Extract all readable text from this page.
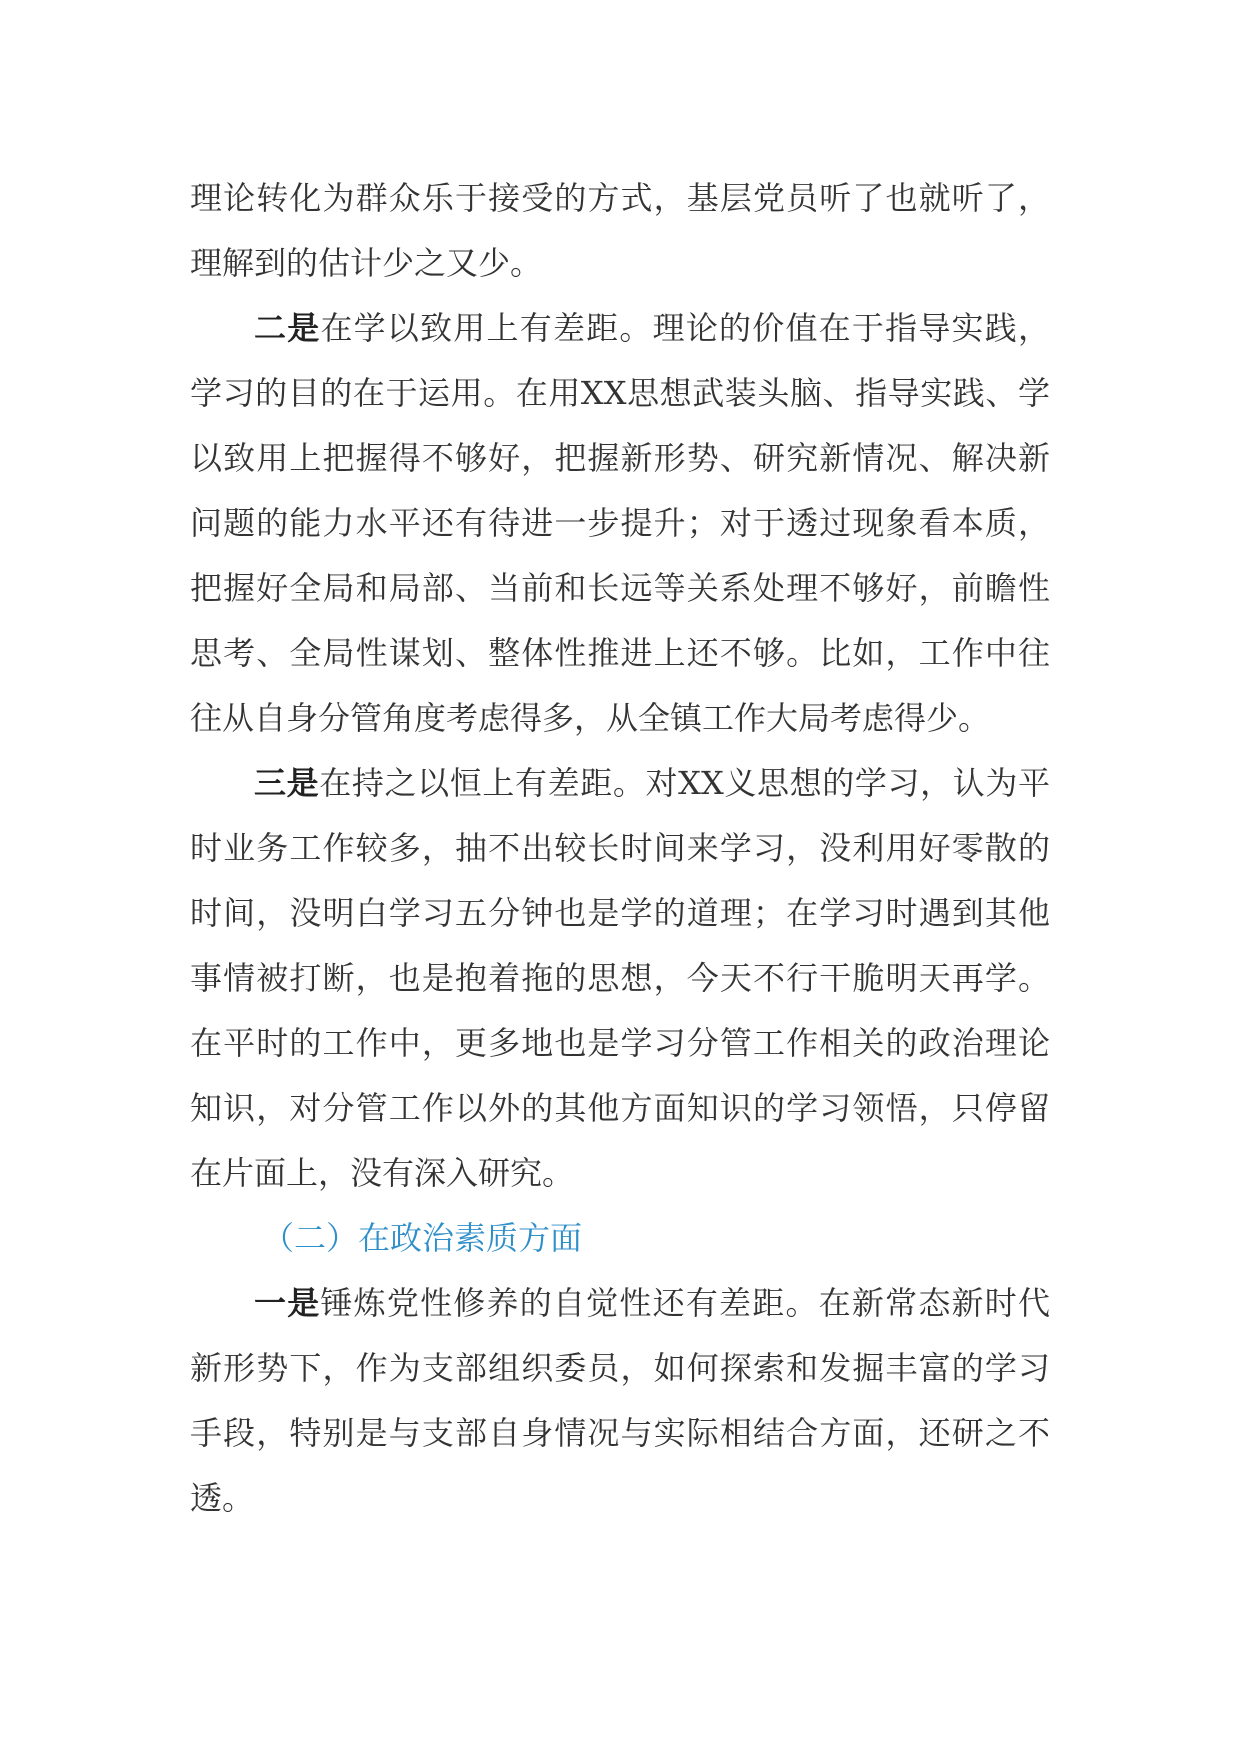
理论转化为群众乐于接受的方式，基层党员听了也就听了，理解到的估计少之又少。

二是在学以致用上有差距。理论的价值在于指导实践，学习的目的在于运用。在用XX思想武装头脑、指导实践、学以致用上把握得不够好，把握新形势、研究新情况、解决新问题的能力水平还有待进一步提升；对于透过现象看本质，把握好全局和局部、当前和长远等关系处理不够好，前瞻性思考、全局性谋划、整体性推进上还不够。比如，工作中往往从自身分管角度考虑得多，从全镇工作大局考虑得少。

三是在持之以恒上有差距。对XX义思想的学习，认为平时业务工作较多，抽不出较长时间来学习，没利用好零散的时间，没明白学习五分钟也是学的道理；在学习时遇到其他事情被打断，也是抱着拖的思想，今天不行干脆明天再学。在平时的工作中，更多地也是学习分管工作相关的政治理论知识，对分管工作以外的其他方面知识的学习领悟，只停留在片面上，没有深入研究。

（二）在政治素质方面

一是锤炼党性修养的自觉性还有差距。在新常态新时代新形势下，作为支部组织委员，如何探索和发掘丰富的学习手段，特别是与支部自身情况与实际相结合方面，还研之不透。
